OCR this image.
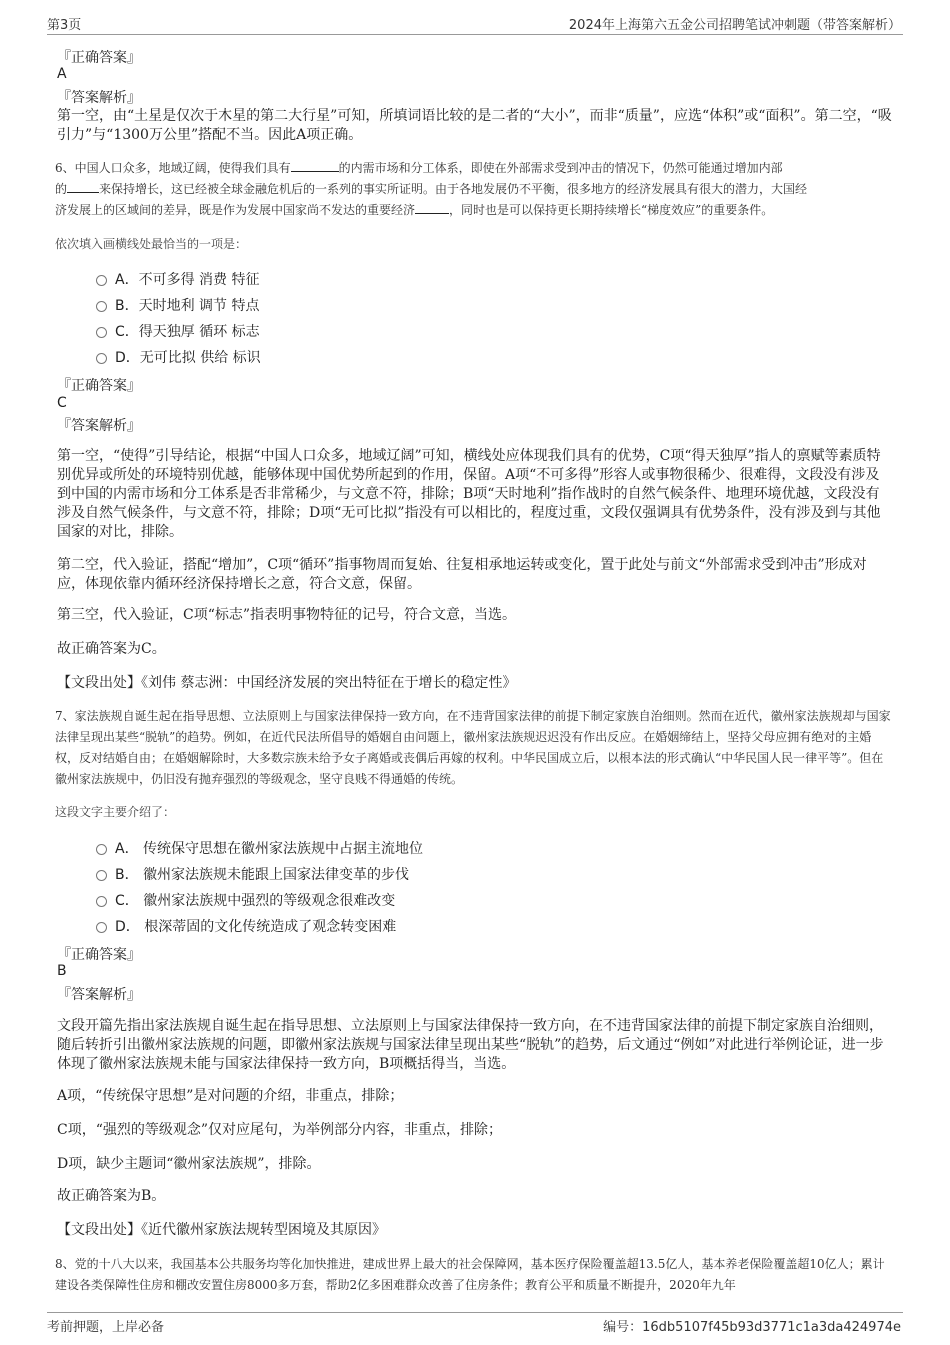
第3页	2024年上海第六五金公司招聘笔试冲刺题（带答案解析）
『正确答案』
A
『答案解析』
第一空，由“土星是仅次于木星的第二大行星”可知，所填词语比较的是二者的“大小”，而非“质量”，应选“体积”或“面积”。第二空，“吸引力”与“1300万公里”搭配不当。因此A项正确。
6、中国人口众多，地域辽阔，使得我们具有	的内需市场和分工体系，即使在外部需求受到冲击的情况下，仍然可能通过增加内部
的	来保持增长，这已经被全球金融危机后的一系列的事实所证明。由于各地发展仍不平衡，很多地方的经济发展具有很大的潜力，大国经
济发展上的区域间的差异，既是作为发展中国家尚不发达的重要经济	，同时也是可以保持更长期持续增长“梯度效应”的重要条件。
依次填入画横线处最恰当的一项是：
A．不可多得 消费 特征
B．天时地利 调节 特点
C．得天独厚 循环 标志
D．无可比拟 供给 标识
『正确答案』
C
『答案解析』
第一空，“使得”引导结论，根据“中国人口众多，地域辽阔”可知，横线处应体现我们具有的优势，C项“得天独厚”指人的禀赋等素质特别优异或所处的环境特别优越，能够体现中国优势所起到的作用，保留。A项“不可多得”形容人或事物很稀少、很难得，文段没有涉及到中国的内需市场和分工体系是否非常稀少，与文意不符，排除；B项“天时地利”指作战时的自然气候条件、地理环境优越，文段没有涉及自然气候条件，与文意不符，排除；D项“无可比拟”指没有可以相比的，程度过重，文段仅强调具有优势条件，没有涉及到与其他国家的对比，排除。
第二空，代入验证，搭配“增加”，C项“循环”指事物周而复始、往复相承地运转或变化，置于此处与前文“外部需求受到冲击”形成对应，体现依靠内循环经济保持增长之意，符合文意，保留。
第三空，代入验证，C项“标志”指表明事物特征的记号，符合文意，当选。
故正确答案为C。
【文段出处】《刘伟 蔡志洲：中国经济发展的突出特征在于增长的稳定性》
7、家法族规自诞生起在指导思想、立法原则上与国家法律保持一致方向，在不违背国家法律的前提下制定家族自治细则。然而在近代，徽州家法族规却与国家法律呈现出某些“脱轨”的趋势。例如，在近代民法所倡导的婚姻自由问题上，徽州家法族规迟迟没有作出反应。在婚姻缔结上，坚持父母应拥有绝对的主婚权，反对结婚自由；在婚姻解除时，大多数宗族未给予女子离婚或丧偶后再嫁的权利。中华民国成立后，以根本法的形式确认“中华民国人民一律平等”。但在徽州家法族规中，仍旧没有抛弃强烈的等级观念，坚守良贱不得通婚的传统。
这段文字主要介绍了：
A． 传统保守思想在徽州家法族规中占据主流地位
B． 徽州家法族规未能跟上国家法律变革的步伐
C． 徽州家法族规中强烈的等级观念很难改变
D． 根深蒂固的文化传统造成了观念转变困难
『正确答案』
B
『答案解析』
文段开篇先指出家法族规自诞生起在指导思想、立法原则上与国家法律保持一致方向，在不违背国家法律的前提下制定家族自治细则，随后转折引出徽州家法族规的问题，即徽州家法族规与国家法律呈现出某些“脱轨”的趋势，后文通过“例如”对此进行举例论证，进一步体现了徽州家法族规未能与国家法律保持一致方向，B项概括得当，当选。
A项，“传统保守思想”是对问题的介绍，非重点，排除；
C项，“强烈的等级观念”仅对应尾句，为举例部分内容，非重点，排除；
D项，缺少主题词“徽州家法族规”，排除。
故正确答案为B。
【文段出处】《近代徽州家族法规转型困境及其原因》
8、党的十八大以来，我国基本公共服务均等化加快推进，建成世界上最大的社会保障网，基本医疗保险覆盖超13.5亿人，基本养老保险覆盖超10亿人；累计建设各类保障性住房和棚改安置住房8000多万套，帮助2亿多困难群众改善了住房条件；教育公平和质量不断提升，2020年九年
考前押题，上岸必备	编号：16db5107f45b93d3771c1a3da424974e
